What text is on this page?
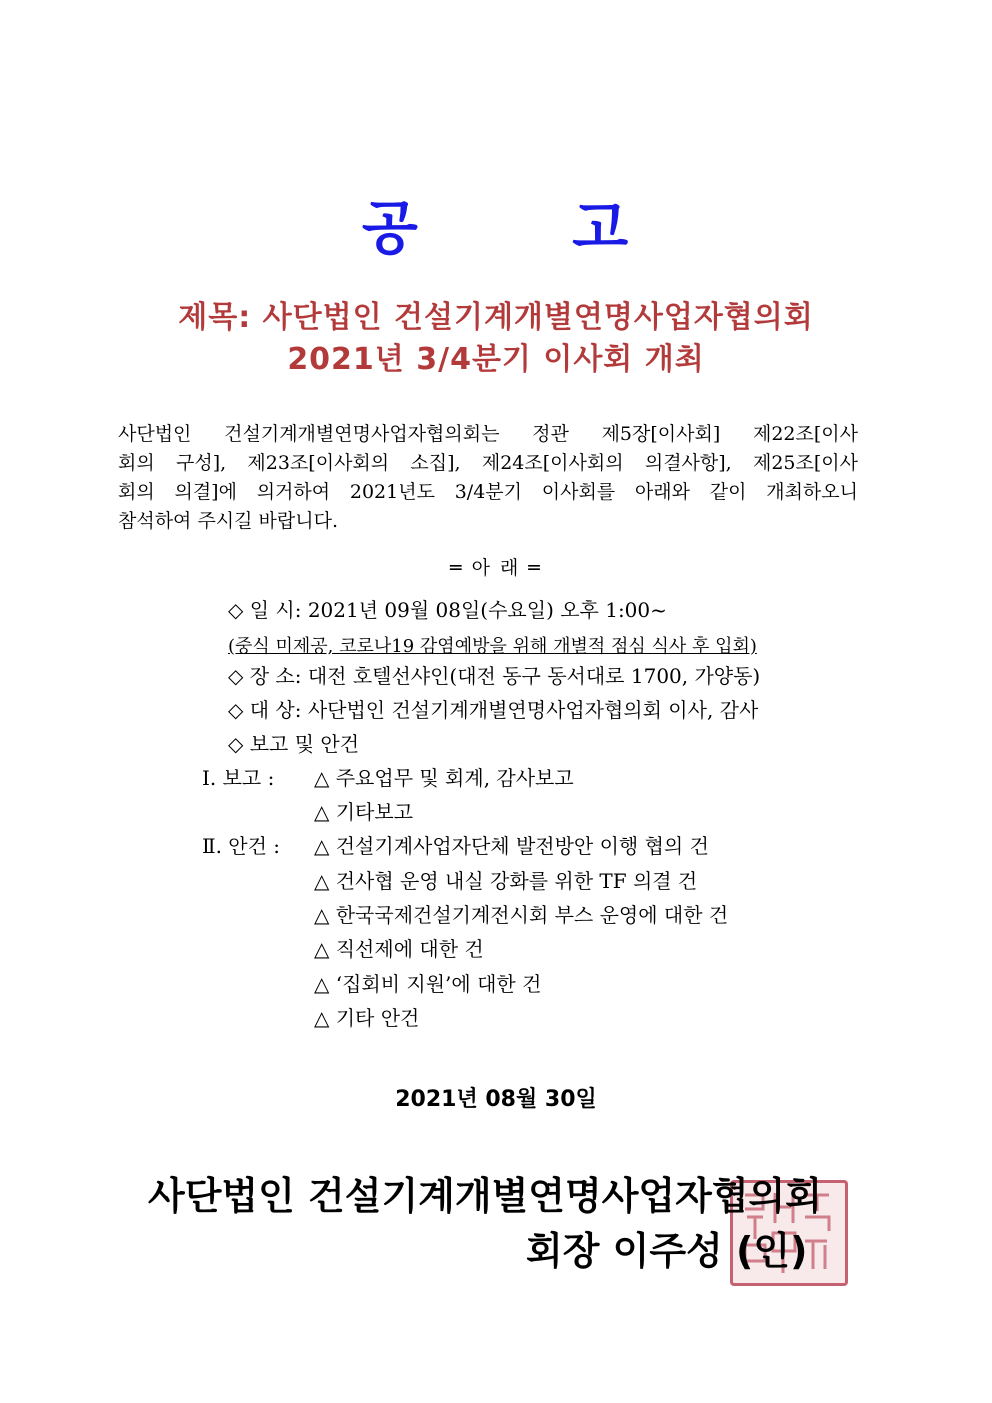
공 고
제목: 사단법인 건설기계개별연명사업자협의회
2021년 3/4분기 이사회 개최
사단법인 건설기계개별연명사업자협의회는 정관 제5장[이사회] 제22조[이사
회의 구성], 제23조[이사회의 소집], 제24조[이사회의 의결사항], 제25조[이사
회의 의결]에 의거하여 2021년도 3/4분기 이사회를 아래와 같이 개최하오니
참석하여 주시길 바랍니다.
═ 아 래 ═
◇ 일 시: 2021년 09월 08일(수요일) 오후 1:00~
(중식 미제공, 코로나19 감염예방을 위해 개별적 점심 식사 후 입회)
◇ 장 소: 대전 호텔선샤인(대전 동구 동서대로 1700, 가양동)
◇ 대 상: 사단법인 건설기계개별연명사업자협의회 이사, 감사
◇ 보고 및 안건
Ⅰ. 보고 : △ 주요업무 및 회계, 감사보고
△ 기타보고
Ⅱ. 안건 : △ 건설기계사업자단체 발전방안 이행 협의 건
△ 건사협 운영 내실 강화를 위한 TF 의결 건
△ 한국국제건설기계전시회 부스 운영에 대한 건
△ 직선제에 대한 건
△ ‘집회비 지원’에 대한 건
△ 기타 안건
2021년 08월 30일
사단법인 건설기계개별연명사업자협의회
회장 이주성 (인)
